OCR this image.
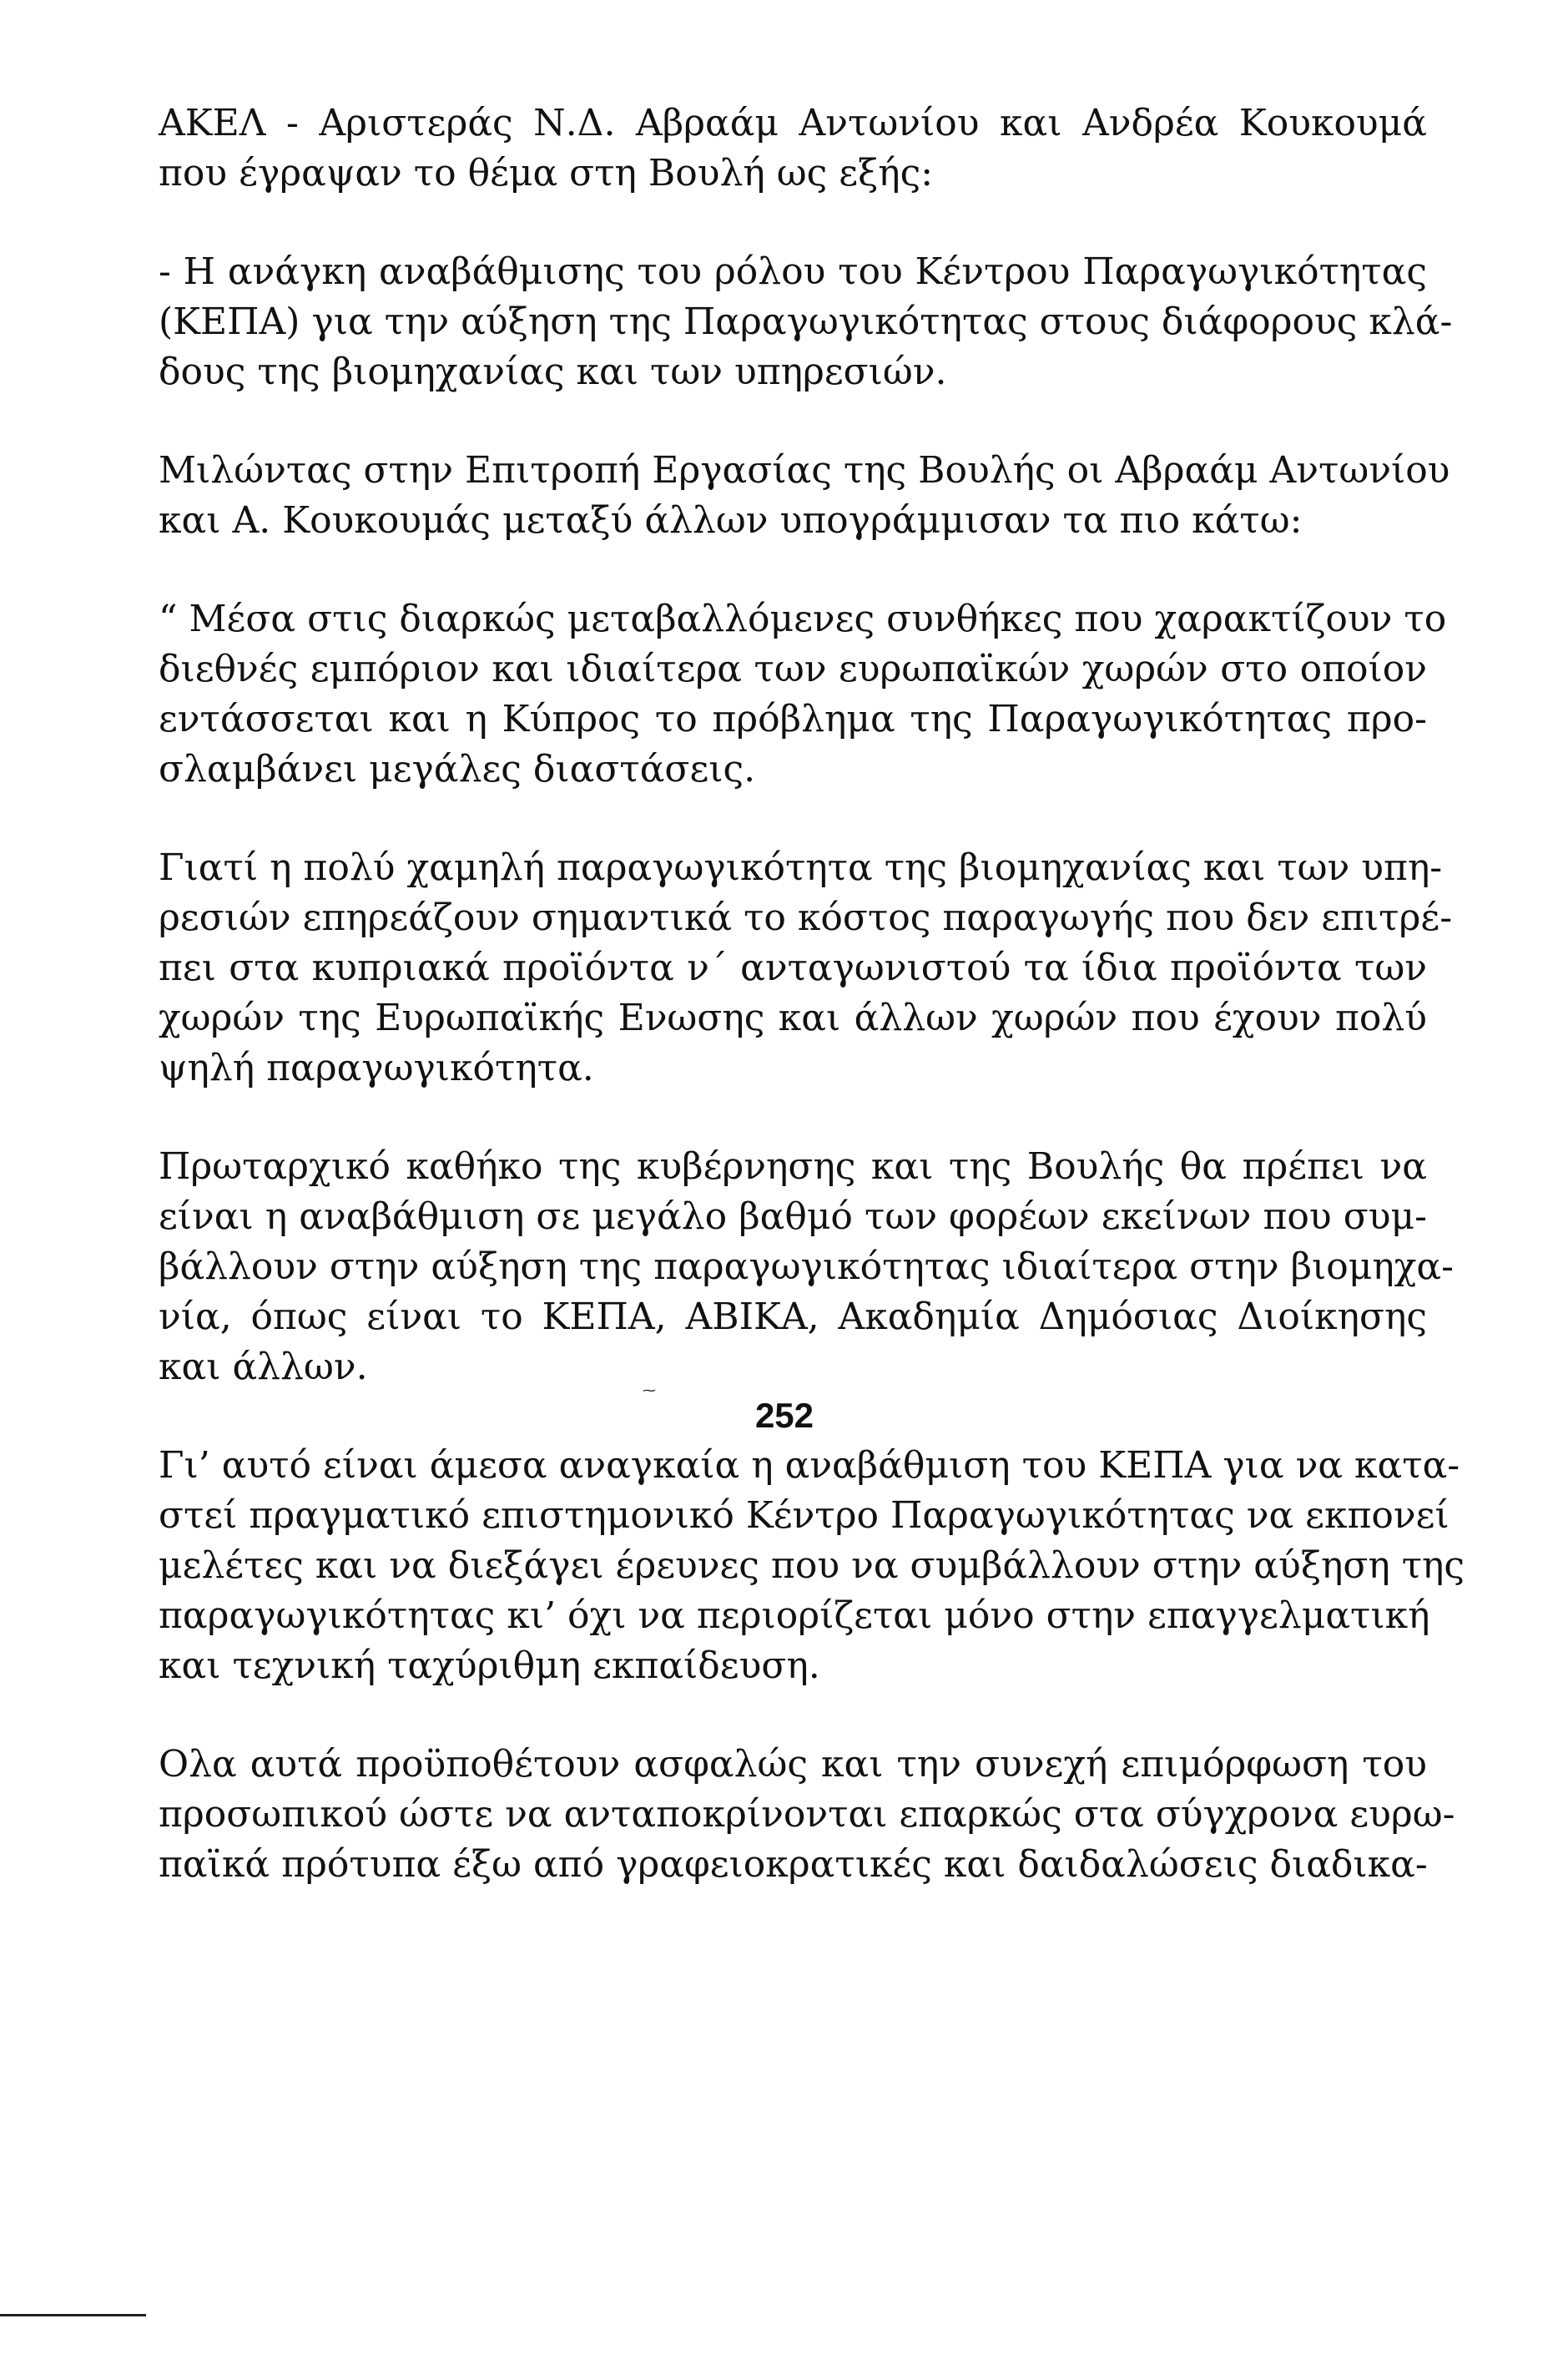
ΑΚΕΛ - Αριστεράς Ν.Δ. Αβραάμ Αντωνίου και Ανδρέα Κουκουμά
που έγραψαν το θέμα στη Βουλή ως εξής:

- Η ανάγκη αναβάθμισης του ρόλου του Κέντρου Παραγωγικότητας
(ΚΕΠΑ) για την αύξηση της Παραγωγικότητας στους διάφορους κλά-
δους της βιομηχανίας και των υπηρεσιών.

Μιλώντας στην Επιτροπή Εργασίας της Βουλής οι Αβραάμ Αντωνίου
και Α. Κουκουμάς μεταξύ άλλων υπογράμμισαν τα πιο κάτω:

“ Μέσα στις διαρκώς μεταβαλλόμενες συνθήκες που χαρακτίζουν το
διεθνές εμπόριον και ιδιαίτερα των ευρωπαϊκών χωρών στο οποίον
εντάσσεται και η Κύπρος το πρόβλημα της Παραγωγικότητας προ-
σλαμβάνει μεγάλες διαστάσεις.

Γιατί η πολύ χαμηλή παραγωγικότητα της βιομηχανίας και των υπη-
ρεσιών επηρεάζουν σημαντικά το κόστος παραγωγής που δεν επιτρέ-
πει στα κυπριακά προϊόντα ν΄ ανταγωνιστού τα ίδια προϊόντα των
χωρών της Ευρωπαϊκής Ενωσης και άλλων χωρών που έχουν πολύ
ψηλή παραγωγικότητα.

Πρωταρχικό καθήκο της κυβέρνησης και της Βουλής θα πρέπει να
είναι η αναβάθμιση σε μεγάλο βαθμό των φορέων εκείνων που συμ-
βάλλουν στην αύξηση της παραγωγικότητας ιδιαίτερα στην βιομηχα-
νία, όπως είναι το ΚΕΠΑ, ΑΒΙΚΑ, Ακαδημία Δημόσιας Διοίκησης
και άλλων.

Γι’ αυτό είναι άμεσα αναγκαία η αναβάθμιση του ΚΕΠΑ για να κατα-
στεί πραγματικό επιστημονικό Κέντρο Παραγωγικότητας να εκπονεί
μελέτες και να διεξάγει έρευνες που να συμβάλλουν στην αύξηση της
παραγωγικότητας κι’ όχι να περιορίζεται μόνο στην επαγγελματική
και τεχνική ταχύριθμη εκπαίδευση.

Ολα αυτά προϋποθέτουν ασφαλώς και την συνεχή επιμόρφωση του
προσωπικού ώστε να ανταποκρίνονται επαρκώς στα σύγχρονα ευρω-
παϊκά πρότυπα έξω από γραφειοκρατικές και δαιδαλώσεις διαδικα-

⁓
252
